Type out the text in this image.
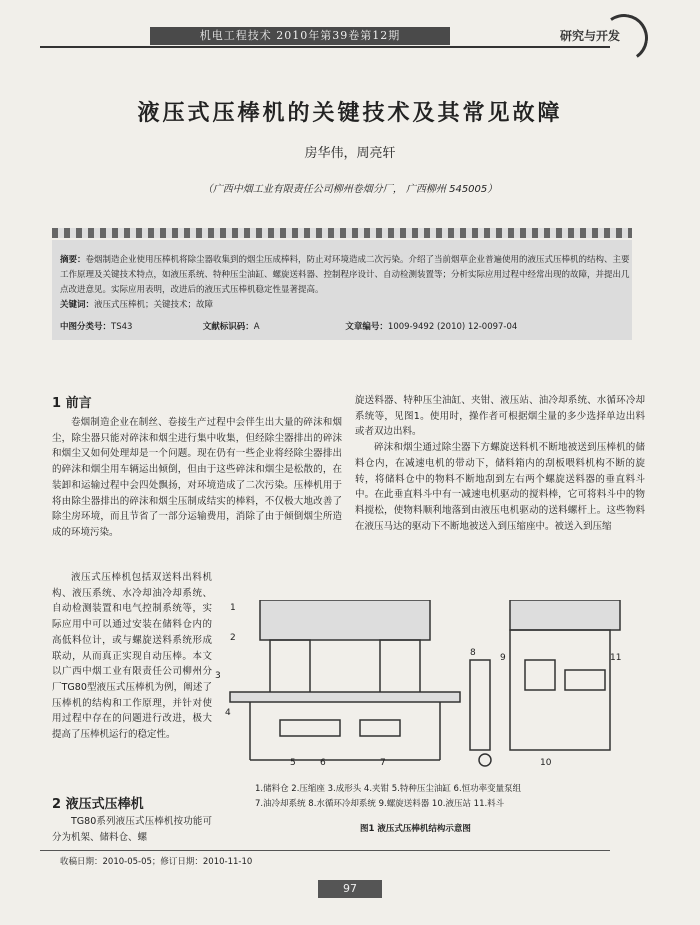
机电工程技术 2010年第39卷第12期	研究与开发
液压式压棒机的关键技术及其常见故障
房华伟，周亮轩
（广西中烟工业有限责任公司柳州卷烟分厂， 广西柳州 545005）
摘要：卷烟制造企业使用压棒机将除尘器收集到的烟尘压成棒料，防止对环境造成二次污染。介绍了当前烟草企业普遍使用的液压式压棒机的结构、主要工作原理及关键技术特点，如液压系统、特种压尘油缸、螺旋送料器、控制程序设计、自动检测装置等；分析实际应用过程中经常出现的故障，并提出几点改进意见。实际应用表明，改进后的液压式压棒机稳定性显著提高。
关键词：液压式压棒机；关键技术；故障
中图分类号：TS43	文献标识码：A	文章编号：1009-9492 (2010) 12-0097-04
1 前言

卷烟制造企业在制丝、卷接生产过程中会伴生出大量的碎沫和烟尘，除尘器只能对碎沫和烟尘进行集中收集，但经除尘器排出的碎沫和烟尘又如何处理却是一个问题。现在仍有一些企业将经除尘器排出的碎沫和烟尘用车辆运出倾倒，但由于这些碎沫和烟尘是松散的，在装卸和运输过程中会四处飘扬，对环境造成了二次污染。压棒机用于将由除尘器排出的碎沫和烟尘压制成结实的棒料，不仅极大地改善了除尘房环境，而且节省了一部分运输费用，消除了由于倾倒烟尘所造成的环境污染。

液压式压棒机包括双送料出料机构、液压系统、水冷却油冷却系统、自动检测装置和电气控制系统等，实际应用中可以通过安装在储料仓内的高低料位计，或与螺旋送料系统形成联动，从而真正实现自动压棒。本文以广西中烟工业有限责任公司柳州分厂TG80型液压式压棒机为例，阐述了压棒机的结构和工作原理，并针对使用过程中存在的问题进行改进，极大提高了压棒机运行的稳定性。

2 液压式压棒机

TG80系列液压式压棒机按功能可分为机架、储料仓、螺

旋送料器、特种压尘油缸、夹钳、液压站、油冷却系统、水循环冷却系统等，见图1。使用时，操作者可根据烟尘量的多少选择单边出料或者双边出料。

碎沫和烟尘通过除尘器下方螺旋送料机不断地被送到压棒机的储料仓内，在减速电机的带动下，储料箱内的刮板喂料机构不断的旋转，将储料仓中的物料不断地刮到左右两个螺旋送料器的垂直料斗中。在此垂直料斗中有一减速电机驱动的搅料棒，它可将料斗中的物料搅松，使物料顺利地落到由液压电机驱动的送料螺杆上。这些物料在液压马达的驱动下不断地被送入到压缩座中。被送入到压缩

1
2
3
4
5	6	7
8	9
10
11
1.储料仓 2.压缩座 3.成形头 4.夹钳 5.特种压尘油缸 6.恒功率变量泵组
7.油冷却系统 8.水循环冷却系统 9.螺旋送料器 10.液压站 11.料斗
图1 液压式压棒机结构示意图
收稿日期：2010-05-05；修订日期：2010-11-10
97
